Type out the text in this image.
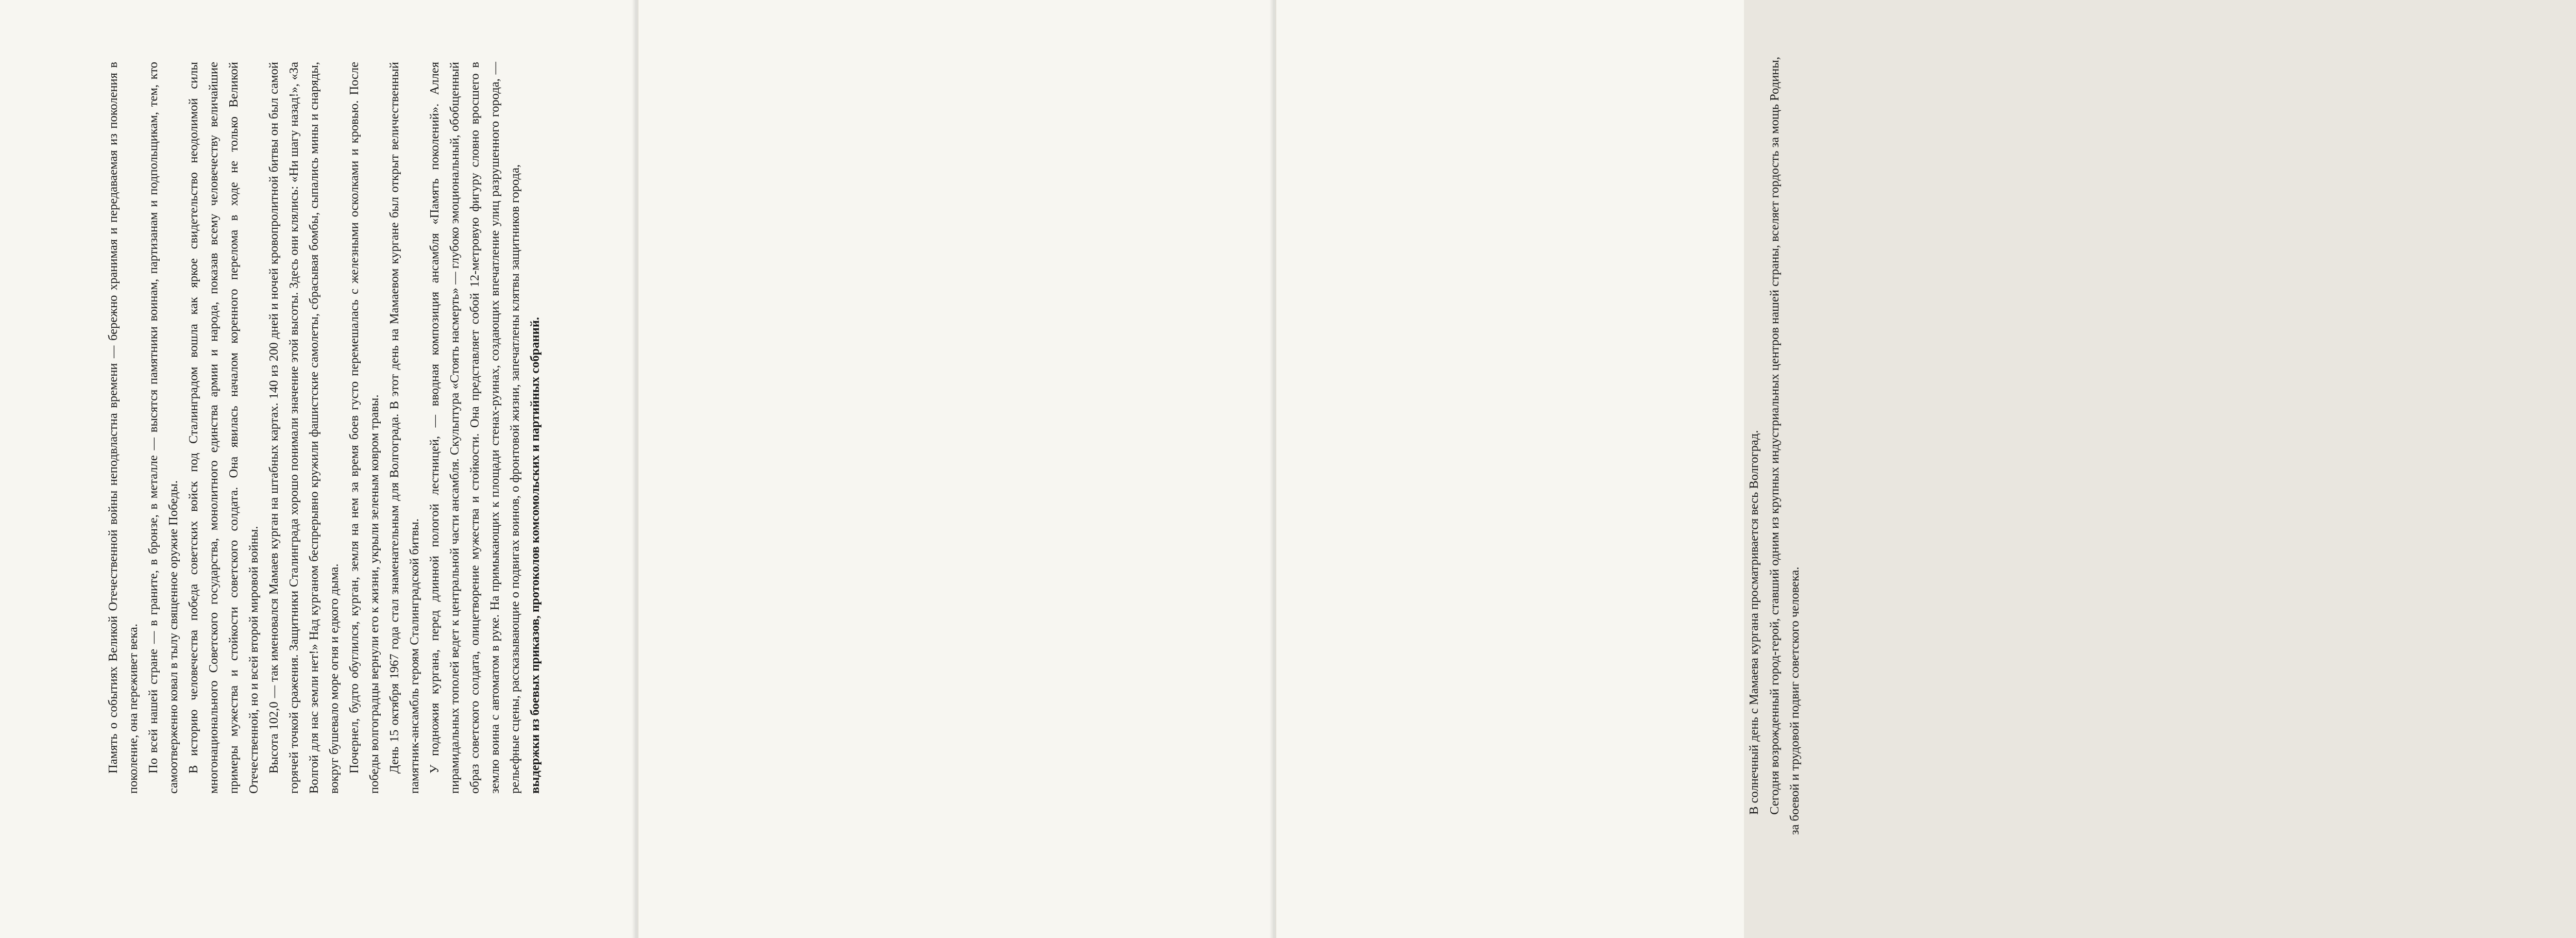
Память о событиях Великой Отечественной войны неподвластна времени — бережно хранимая и передаваемая из поколения в поколение, она переживет века. По всей нашей стране — в граните, в бронзе, в металле — высятся памятники воинам, партизанам и подпольщикам, тем, кто самоотверженно ковал в тылу священное оружие Победы. В историю человечества победа советских войск под Сталинградом вошла как яркое свидетельство неодолимой силы многонационального Советского государства, монолитного единства армии и народа, показав всему человечеству величайшие примеры мужества и стойкости советского солдата. Она явилась началом коренного перелома в ходе не только Великой Отечественной, но и всей второй мировой войны. Высота 102,0 — так именовался Мамаев курган на штабных картах. 140 из 200 дней и ночей кровопролитной битвы он был самой горячей точкой сражения. Защитники Сталинграда хорошо понимали значение этой высоты. Здесь они клялись: «Ни шагу назад!», «За Волгой для нас земли нет!» Над курганом беспрерывно кружили фашистские самолеты, сбрасывая бомбы, сыпались мины и снаряды, вокруг бушевало море огня и едкого дыма. Почернел, будто обуглился, курган, земля на нем за время боев густо перемешалась с железными осколками и кровью. После победы волгоградцы вернули его к жизни, укрыли зеленым ковром травы. День 15 октября 1967 года стал знаменательным для Волгограда. В этот день на Мамаевом кургане был открыт величественный памятник-ансамбль героям Сталинградской битвы. У подножия кургана, перед длинной пологой лестницей, — вводная композиция ансамбля «Память поколений». Аллея пирамидальных тополей ведет к центральной части ансамбля. Скульптура «Стоять насмерть» — глубоко эмоциональный, обобщенный образ советского солдата, олицетворение мужества и стойкости. Она представляет собой 12-метровую фигуру словно вросшего в землю воина с автоматом в руке. На примыкающих к площади стенах-руинах, создающих впечатление улиц разрушенного города, — рельефные сцены, рассказывающие о подвигах воинов, о фронтовой жизни, запечатлены клятвы защитников города, выдержки из боевых приказов, протоколов комсомольских и партийных собраний.	В солнечный день с Мамаева кургана просматривается весь Волгоград. Сегодня возрожденный город-герой, ставший одним из крупных индустриальных центров нашей страны, вселяет гордость за мощь Родины, за боевой и трудовой подвиг советского человека.
